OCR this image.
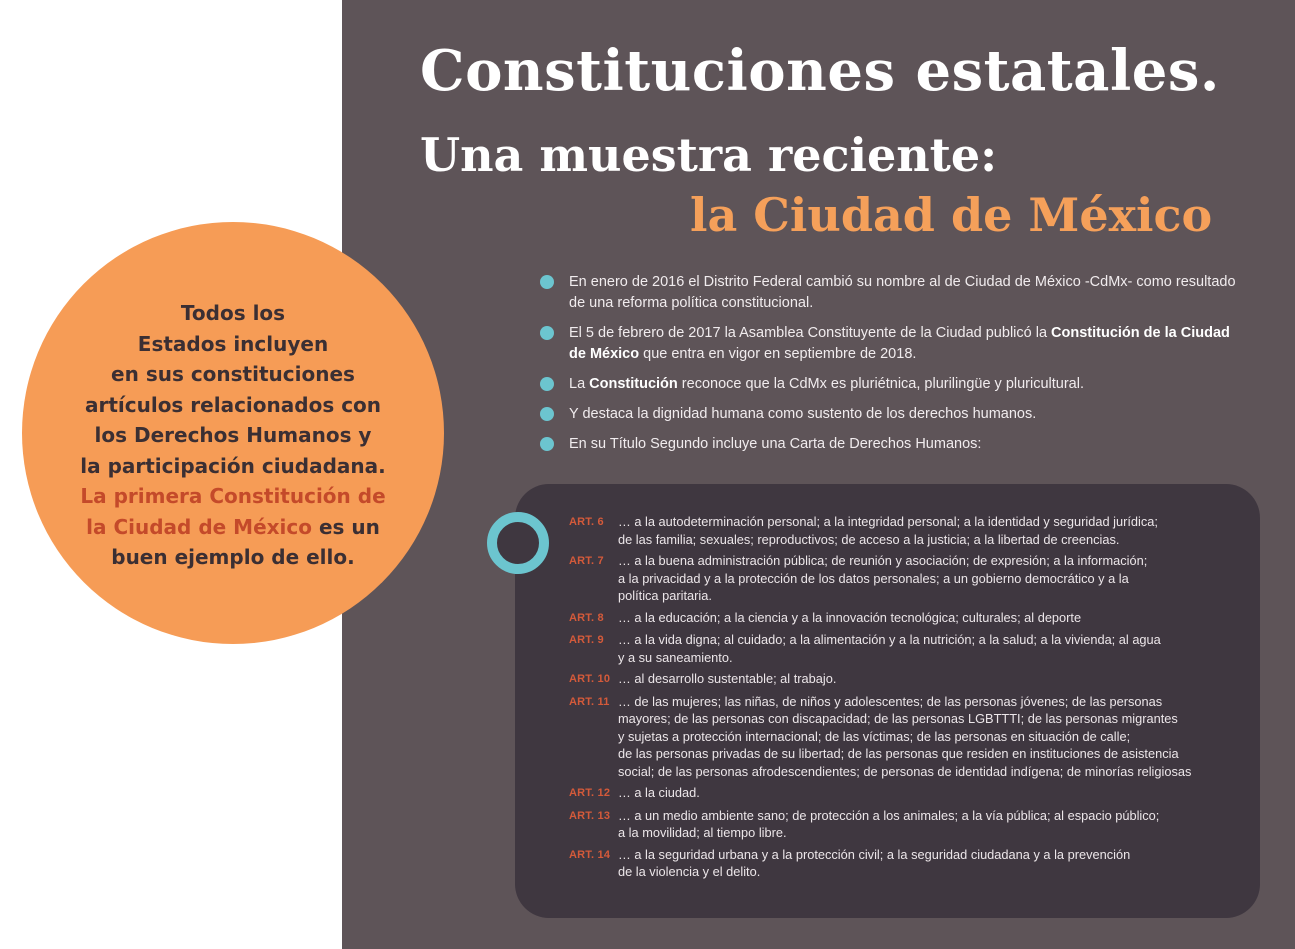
Constituciones estatales.
Una muestra reciente:
la Ciudad de México
Todos los
Estados incluyen
en sus constituciones
artículos relacionados con
los Derechos Humanos y
la participación ciudadana.
La primera Constitución de
la Ciudad de México es un
buen ejemplo de ello.
En enero de 2016 el Distrito Federal cambió su nombre al de Ciudad de México -CdMx- como resultado de una reforma política constitucional.
El 5 de febrero de 2017 la Asamblea Constituyente de la Ciudad publicó la Constitución de la Ciudad de México que entra en vigor en septiembre de 2018.
La Constitución reconoce que la CdMx es pluriétnica, plurilingüe y pluricultural.
Y destaca la dignidad humana como sustento de los derechos humanos.
En su Título Segundo incluye una Carta de Derechos Humanos:
ART. 6	… a la autodeterminación personal; a la integridad personal; a la identidad y seguridad jurídica;
de las familia; sexuales; reproductivos; de acceso a la justicia; a la libertad de creencias.
ART. 7	… a la buena administración pública; de reunión y asociación; de expresión; a la información;
a la privacidad y a la protección de los datos personales; a un gobierno democrático y a la
política paritaria.
ART. 8	… a la educación; a la ciencia y a la innovación tecnológica; culturales; al deporte
ART. 9	… a la vida digna; al cuidado; a la alimentación y a la nutrición; a la salud; a la vivienda; al agua
y a su saneamiento.
ART. 10 … al desarrollo sustentable; al trabajo.
ART. 11 … de las mujeres; las niñas, de niños y adolescentes; de las personas jóvenes; de las personas
mayores; de las personas con discapacidad; de las personas LGBTTTI; de las personas migrantes
y sujetas a protección internacional; de las víctimas; de las personas en situación de calle;
de las personas privadas de su libertad; de las personas que residen en instituciones de asistencia
social; de las personas afrodescendientes; de personas de identidad indígena; de minorías religiosas
ART. 12 … a la ciudad.
ART. 13 … a un medio ambiente sano; de protección a los animales; a la vía pública; al espacio público;
a la movilidad; al tiempo libre.
ART. 14 … a la seguridad urbana y a la protección civil; a la seguridad ciudadana y a la prevención
de la violencia y el delito.
